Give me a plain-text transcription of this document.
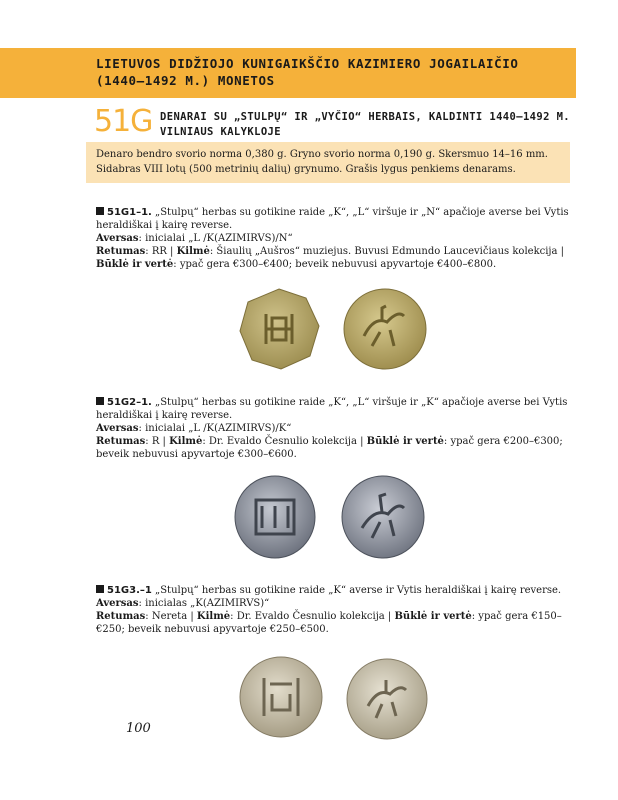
LIETUVOS DIDŽIOJO KUNIGAIKŠČIO KAZIMIERO JOGAILAIČIO (1440–1492 M.) MONETOS
51G DENARAI SU „STULPŲ“ IR „VYČIO“ HERBAIS, KALDINTI 1440–1492 M. VILNIAUS KALYKLOJE
Denaro bendro svorio norma 0,380 g. Gryno svorio norma 0,190 g. Skersmuo 14–16 mm. Sidabras VIII lotų (500 metrinių dalių) grynumo. Grašis lygus penkiems denarams.
51G1–1. „Stulpų“ herbas su gotikine raide „K“, „L“ viršuje ir „N“ apačioje averse bei Vytis heraldiškai į kairę reverse.
Aversas: inicialai „L /K(AZIMIRVS)/N“
Retumas: RR | Kilmė: Šiaulių „Aušros“ muziejus. Buvusi Edmundo Laucevičiaus kolekcija | Būklė ir vertė: ypač gera €300–€400; beveik nebuvusi apyvartoje €400–€800.
51G2–1. „Stulpų“ herbas su gotikine raide „K“, „L“ viršuje ir „K“ apačioje averse bei Vytis heraldiškai į kairę reverse.
Aversas: inicialai „L /K(AZIMIRVS)/K“
Retumas: R | Kilmė: Dr. Evaldo Česnulio kolekcija | Būklė ir vertė: ypač gera €200–€300; beveik nebuvusi apyvartoje €300–€600.
51G3.–1 „Stulpų“ herbas su gotikine raide „K“ averse ir Vytis heraldiškai į kairę reverse.
Aversas: inicialas „K(AZIMIRVS)“
Retumas: Nereta | Kilmė: Dr. Evaldo Česnulio kolekcija | Būklė ir vertė: ypač gera €150–€250; beveik nebuvusi apyvartoje €250–€500.
100
